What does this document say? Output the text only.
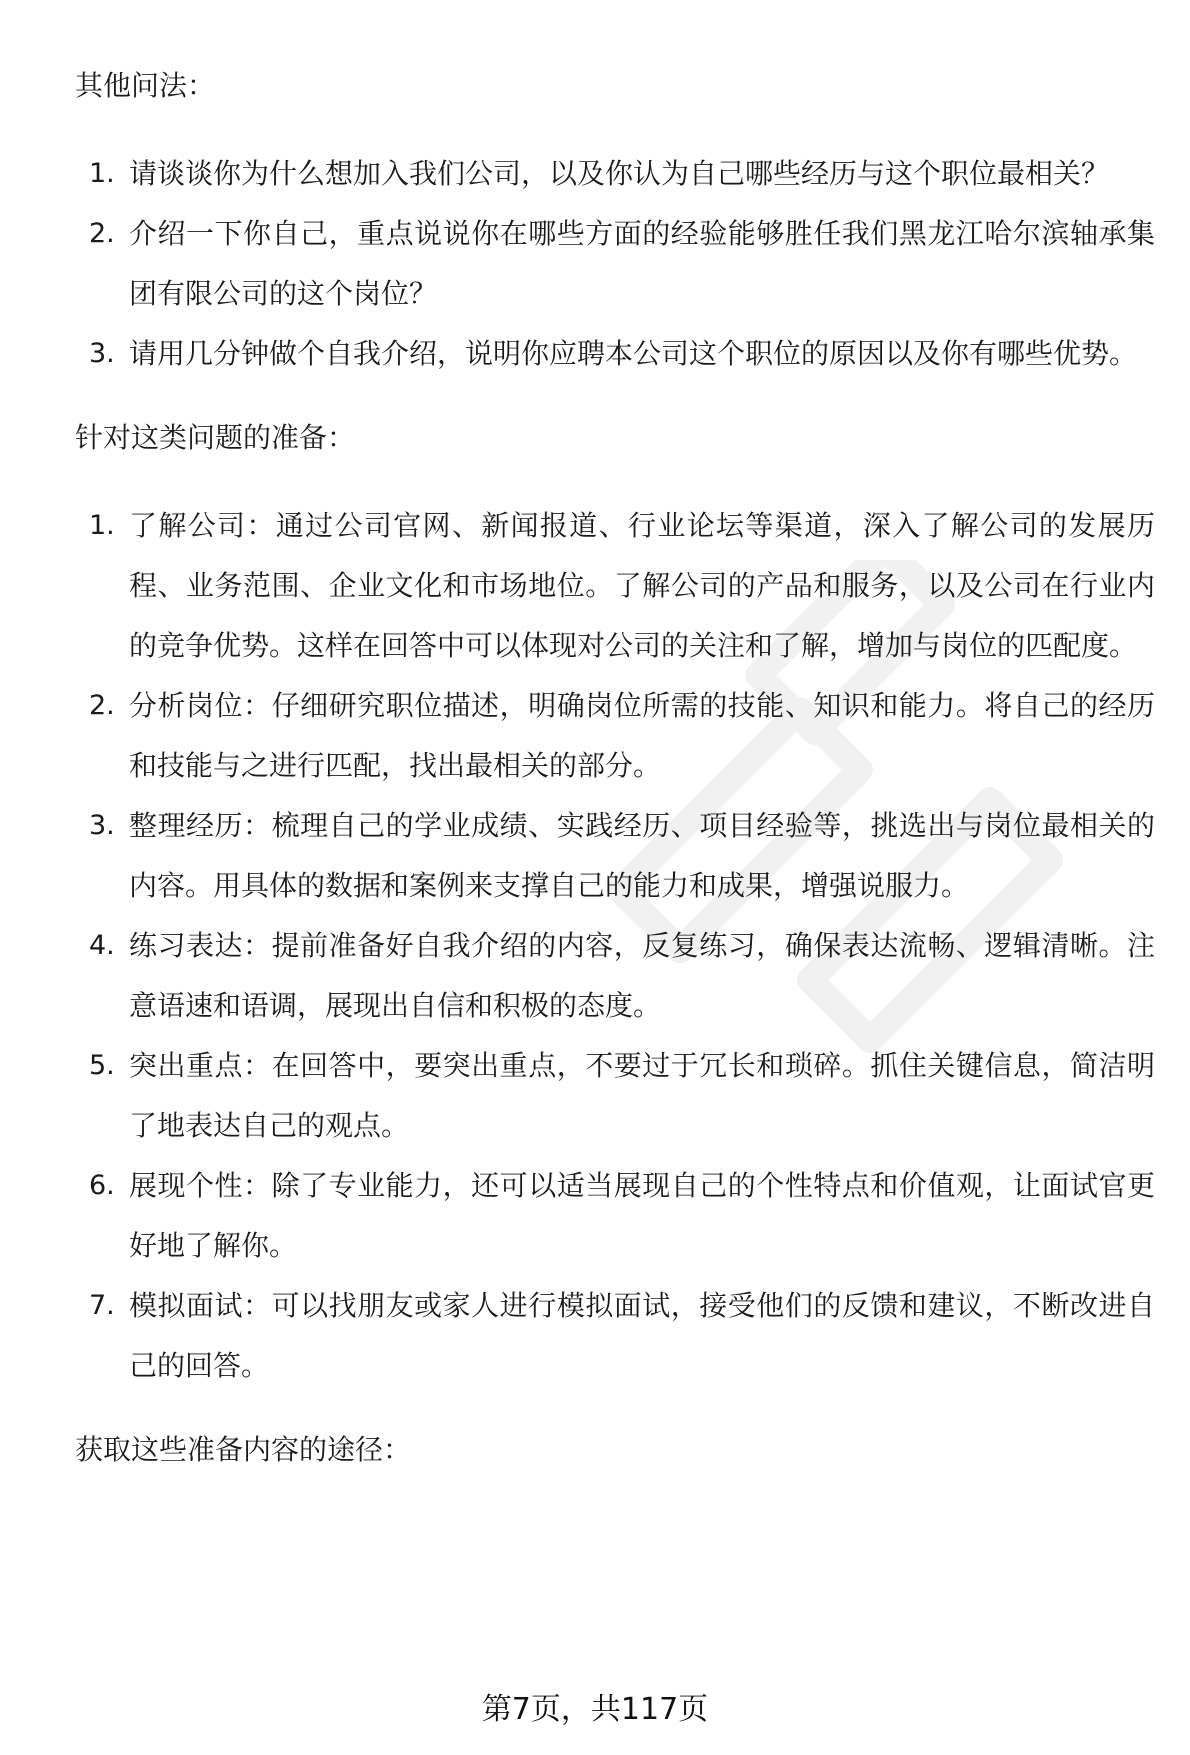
其他问法：

1. 请谈谈你为什么想加入我们公司，以及你认为自己哪些经历与这个职位最相关？
2. 介绍一下你自己，重点说说你在哪些方面的经验能够胜任我们黑龙江哈尔滨轴承集团有限公司的这个岗位？
3. 请用几分钟做个自我介绍，说明你应聘本公司这个职位的原因以及你有哪些优势。

针对这类问题的准备：

1. 了解公司：通过公司官网、新闻报道、行业论坛等渠道，深入了解公司的发展历程、业务范围、企业文化和市场地位。了解公司的产品和服务，以及公司在行业内的竞争优势。这样在回答中可以体现对公司的关注和了解，增加与岗位的匹配度。
2. 分析岗位：仔细研究职位描述，明确岗位所需的技能、知识和能力。将自己的经历和技能与之进行匹配，找出最相关的部分。
3. 整理经历：梳理自己的学业成绩、实践经历、项目经验等，挑选出与岗位最相关的内容。用具体的数据和案例来支撑自己的能力和成果，增强说服力。
4. 练习表达：提前准备好自我介绍的内容，反复练习，确保表达流畅、逻辑清晰。注意语速和语调，展现出自信和积极的态度。
5. 突出重点：在回答中，要突出重点，不要过于冗长和琐碎。抓住关键信息，简洁明了地表达自己的观点。
6. 展现个性：除了专业能力，还可以适当展现自己的个性特点和价值观，让面试官更好地了解你。
7. 模拟面试：可以找朋友或家人进行模拟面试，接受他们的反馈和建议，不断改进自己的回答。

获取这些准备内容的途径：

第7页，共117页
